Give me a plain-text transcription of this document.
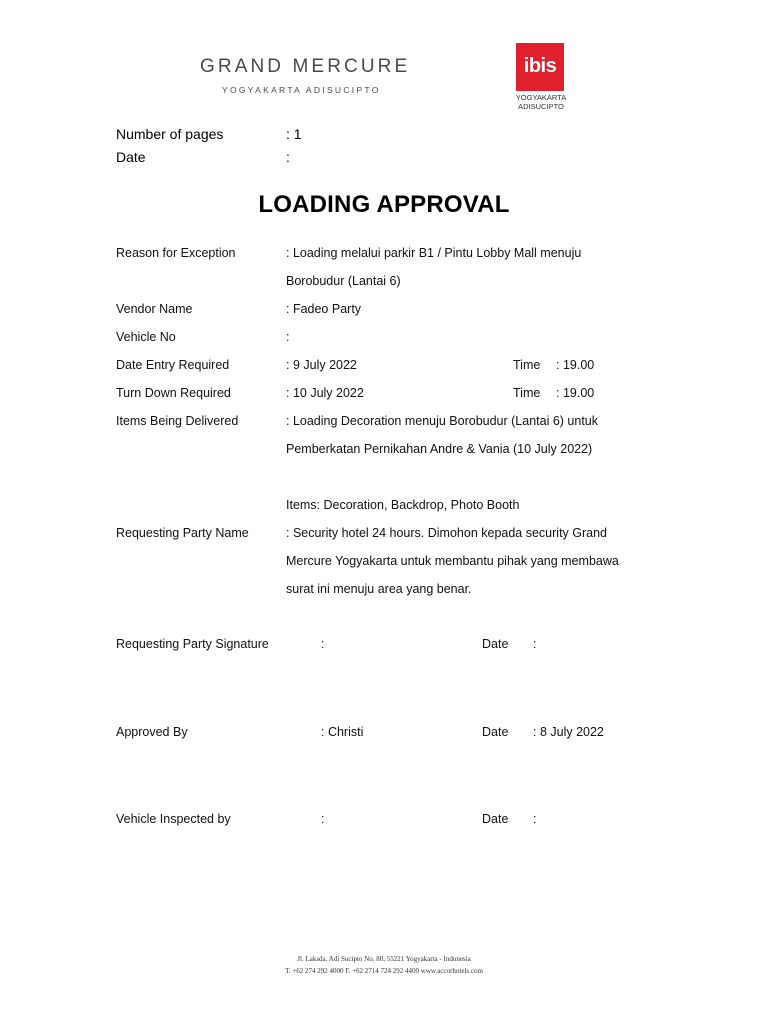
GRAND MERCURE
YOGYAKARTA ADISUCIPTO
ibis
YOGYAKARTA
ADISUCIPTO
Number of pages	: 1
Date	:
LOADING APPROVAL
Reason for Exception	: Loading melalui parkir B1 / Pintu Lobby Mall menuju
Borobudur (Lantai 6)
Vendor Name	: Fadeo Party
Vehicle No	:
Date Entry Required	: 9 July 2022	Time : 19.00
Turn Down Required	: 10 July 2022	Time : 19.00
Items Being Delivered	: Loading Decoration menuju Borobudur (Lantai 6) untuk
Pemberkatan Pernikahan Andre & Vania (10 July 2022)
Items: Decoration, Backdrop, Photo Booth
Requesting Party Name	: Security hotel 24 hours. Dimohon kepada security Grand
Mercure Yogyakarta untuk membantu pihak yang membawa
surat ini menuju area yang benar.
Requesting Party Signature	:	Date :
Approved By	: Christi	Date : 8 July 2022
Vehicle Inspected by	:	Date :
Jl. Laksda. Adi Sucipto No. 80, 55221 Yogyakarta - Indonesia
T. +62 274 292 4000 F. +62 2714 724 292 4400 www.accorhotels.com
